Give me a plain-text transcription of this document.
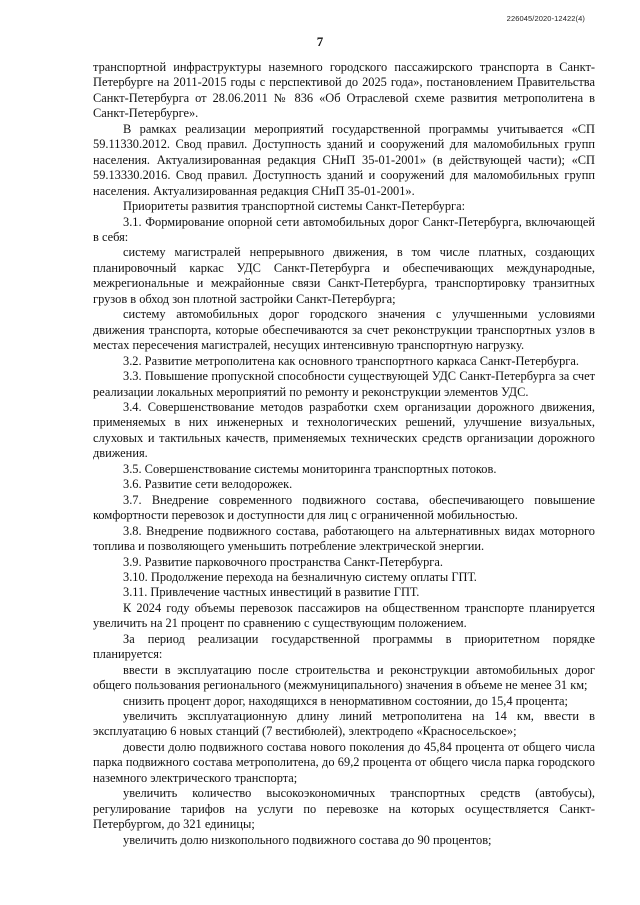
226045/2020-12422(4)
7

транспортной инфраструктуры наземного городского пассажирского транспорта в Санкт-Петербурге на 2011-2015 годы с перспективой до 2025 года», постановлением Правительства Санкт-Петербурга от 28.06.2011 № 836 «Об Отраслевой схеме развития метрополитена в Санкт-Петербурге».

В рамках реализации мероприятий государственной программы учитывается «СП 59.11330.2012. Свод правил. Доступность зданий и сооружений для маломобильных групп населения. Актуализированная редакция СНиП 35-01-2001» (в действующей части); «СП 59.13330.2016. Свод правил. Доступность зданий и сооружений для маломобильных групп населения. Актуализированная редакция СНиП 35-01-2001».

Приоритеты развития транспортной системы Санкт-Петербурга:

3.1. Формирование опорной сети автомобильных дорог Санкт-Петербурга, включающей в себя:

систему магистралей непрерывного движения, в том числе платных, создающих планировочный каркас УДС Санкт-Петербурга и обеспечивающих международные, межрегиональные и межрайонные связи Санкт-Петербурга, транспортировку транзитных грузов в обход зон плотной застройки Санкт-Петербурга;

систему автомобильных дорог городского значения с улучшенными условиями движения транспорта, которые обеспечиваются за счет реконструкции транспортных узлов в местах пересечения магистралей, несущих интенсивную транспортную нагрузку.

3.2. Развитие метрополитена как основного транспортного каркаса Санкт-Петербурга.

3.3. Повышение пропускной способности существующей УДС Санкт-Петербурга за счет реализации локальных мероприятий по ремонту и реконструкции элементов УДС.

3.4. Совершенствование методов разработки схем организации дорожного движения, применяемых в них инженерных и технологических решений, улучшение визуальных, слуховых и тактильных качеств, применяемых технических средств организации дорожного движения.

3.5. Совершенствование системы мониторинга транспортных потоков.

3.6. Развитие сети велодорожек.

3.7. Внедрение современного подвижного состава, обеспечивающего повышение комфортности перевозок и доступности для лиц с ограниченной мобильностью.

3.8. Внедрение подвижного состава, работающего на альтернативных видах моторного топлива и позволяющего уменьшить потребление электрической энергии.

3.9. Развитие парковочного пространства Санкт-Петербурга.

3.10. Продолжение перехода на безналичную систему оплаты ГПТ.

3.11. Привлечение частных инвестиций в развитие ГПТ.

К 2024 году объемы перевозок пассажиров на общественном транспорте планируется увеличить на 21 процент по сравнению с существующим положением.

За период реализации государственной программы в приоритетном порядке планируется:

ввести в эксплуатацию после строительства и реконструкции автомобильных дорог общего пользования регионального (межмуниципального) значения в объеме не менее 31 км;

снизить процент дорог, находящихся в ненормативном состоянии, до 15,4 процента;

увеличить эксплуатационную длину линий метрополитена на 14 км, ввести в эксплуатацию 6 новых станций (7 вестибюлей), электродепо «Красносельское»;

довести долю подвижного состава нового поколения до 45,84 процента от общего числа парка подвижного состава метрополитена, до 69,2 процента от общего числа парка городского наземного электрического транспорта;

увеличить количество высокоэкономичных транспортных средств (автобусы), регулирование тарифов на услуги по перевозке на которых осуществляется Санкт-Петербургом, до 321 единицы;

увеличить долю низкопольного подвижного состава до 90 процентов;
